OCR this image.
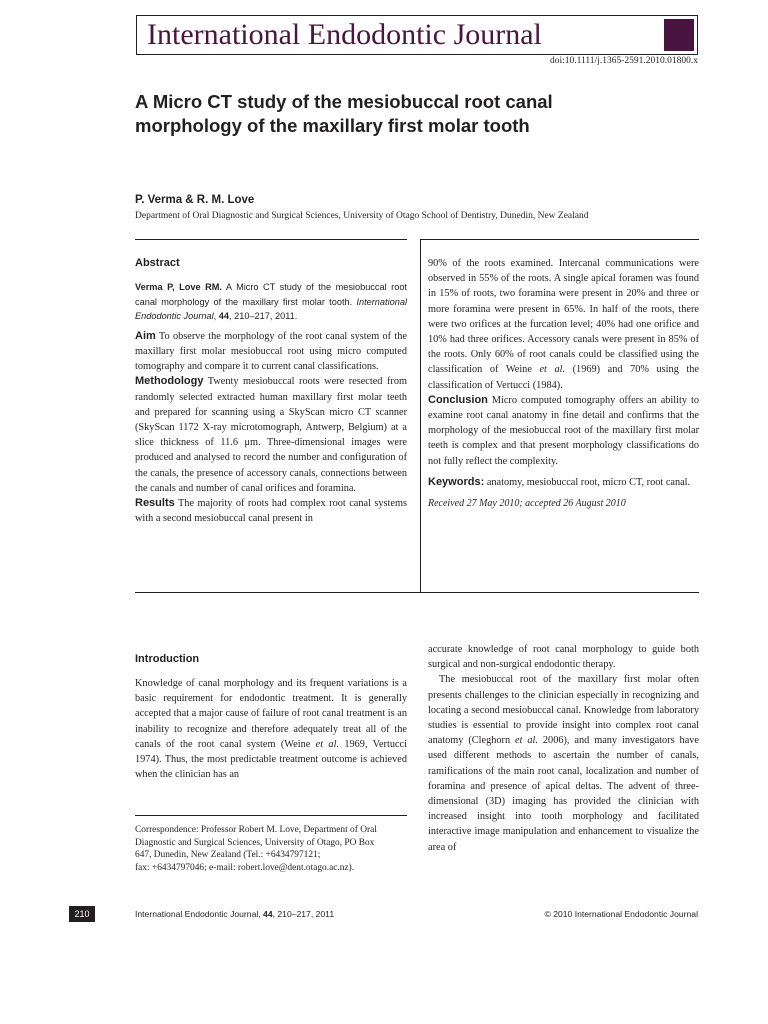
International Endodontic Journal
doi:10.1111/j.1365-2591.2010.01800.x
A Micro CT study of the mesiobuccal root canal
morphology of the maxillary first molar tooth
P. Verma & R. M. Love
Department of Oral Diagnostic and Surgical Sciences, University of Otago School of Dentistry, Dunedin, New Zealand

Abstract

Verma P, Love RM. A Micro CT study of the mesiobuccal root canal morphology of the maxillary first molar tooth. International Endodontic Journal, 44, 210–217, 2011.

Aim To observe the morphology of the root canal system of the maxillary first molar mesiobuccal root using micro computed tomography and compare it to current canal classifications.

Methodology Twenty mesiobuccal roots were resected from randomly selected extracted human maxillary first molar teeth and prepared for scanning using a SkyScan micro CT scanner (SkyScan 1172 X-ray microtomograph, Antwerp, Belgium) at a slice thickness of 11.6 μm. Three-dimensional images were produced and analysed to record the number and configuration of the canals, the presence of accessory canals, connections between the canals and number of canal orifices and foramina.

Results The majority of roots had complex root canal systems with a second mesiobuccal canal present in

90% of the roots examined. Intercanal communications were observed in 55% of the roots. A single apical foramen was found in 15% of roots, two foramina were present in 20% and three or more foramina were present in 65%. In half of the roots, there were two orifices at the furcation level; 40% had one orifice and 10% had three orifices. Accessory canals were present in 85% of the roots. Only 60% of root canals could be classified using the classification of Weine et al. (1969) and 70% using the classification of Vertucci (1984).

Conclusion Micro computed tomography offers an ability to examine root canal anatomy in fine detail and confirms that the morphology of the mesiobuccal root of the maxillary first molar teeth is complex and that present morphology classifications do not fully reflect the complexity.

Keywords: anatomy, mesiobuccal root, micro CT, root canal.

Received 27 May 2010; accepted 26 August 2010

Introduction

Knowledge of canal morphology and its frequent variations is a basic requirement for endodontic treatment. It is generally accepted that a major cause of failure of root canal treatment is an inability to recognize and therefore adequately treat all of the canals of the root canal system (Weine et al. 1969, Vertucci 1974). Thus, the most predictable treatment outcome is achieved when the clinician has an

accurate knowledge of root canal morphology to guide both surgical and non-surgical endodontic therapy.

The mesiobuccal root of the maxillary first molar often presents challenges to the clinician especially in recognizing and locating a second mesiobuccal canal. Knowledge from laboratory studies is essential to provide insight into complex root canal anatomy (Cleghorn et al. 2006), and many investigators have used different methods to ascertain the number of canals, ramifications of the main root canal, localization and number of foramina and presence of apical deltas. The advent of three-dimensional (3D) imaging has provided the clinician with increased insight into tooth morphology and facilitated interactive image manipulation and enhancement to visualize the area of

Correspondence: Professor Robert M. Love, Department of Oral
Diagnostic and Surgical Sciences, University of Otago, PO Box
647, Dunedin, New Zealand (Tel.: +6434797121;
fax: +6434797046; e-mail: robert.love@dent.otago.ac.nz).
210	International Endodontic Journal, 44, 210–217, 2011	© 2010 International Endodontic Journal
